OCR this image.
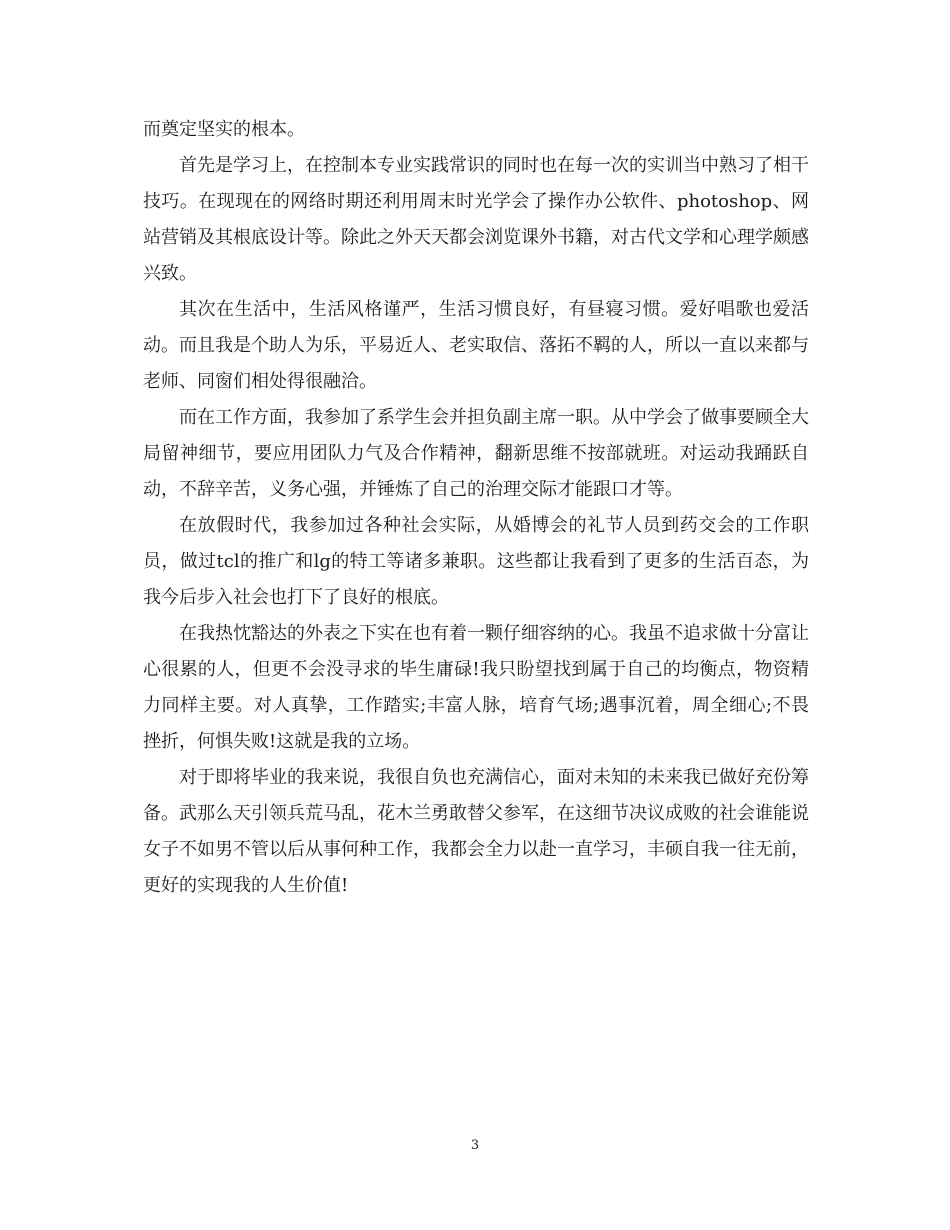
而奠定坚实的根本。

首先是学习上，在控制本专业实践常识的同时也在每一次的实训当中熟习了相干技巧。在现现在的网络时期还利用周末时光学会了操作办公软件、photoshop、网站营销及其根底设计等。除此之外天天都会浏览课外书籍，对古代文学和心理学颇感兴致。

其次在生活中，生活风格谨严，生活习惯良好，有昼寝习惯。爱好唱歌也爱活动。而且我是个助人为乐，平易近人、老实取信、落拓不羁的人，所以一直以来都与老师、同窗们相处得很融洽。

而在工作方面，我参加了系学生会并担负副主席一职。从中学会了做事要顾全大局留神细节，要应用团队力气及合作精神，翻新思维不按部就班。对运动我踊跃自动，不辞辛苦，义务心强，并锤炼了自己的治理交际才能跟口才等。

在放假时代，我参加过各种社会实际，从婚博会的礼节人员到药交会的工作职员，做过tcl的推广和lg的特工等诸多兼职。这些都让我看到了更多的生活百态，为我今后步入社会也打下了良好的根底。

在我热忱豁达的外表之下实在也有着一颗仔细容纳的心。我虽不追求做十分富让心很累的人，但更不会没寻求的毕生庸碌!我只盼望找到属于自己的均衡点，物资精力同样主要。对人真挚，工作踏实;丰富人脉，培育气场;遇事沉着，周全细心;不畏挫折，何惧失败!这就是我的立场。

对于即将毕业的我来说，我很自负也充满信心，面对未知的未来我已做好充份筹备。武那么天引领兵荒马乱，花木兰勇敢替父参军，在这细节决议成败的社会谁能说女子不如男不管以后从事何种工作，我都会全力以赴一直学习，丰硕自我一往无前，更好的实现我的人生价值!

3
